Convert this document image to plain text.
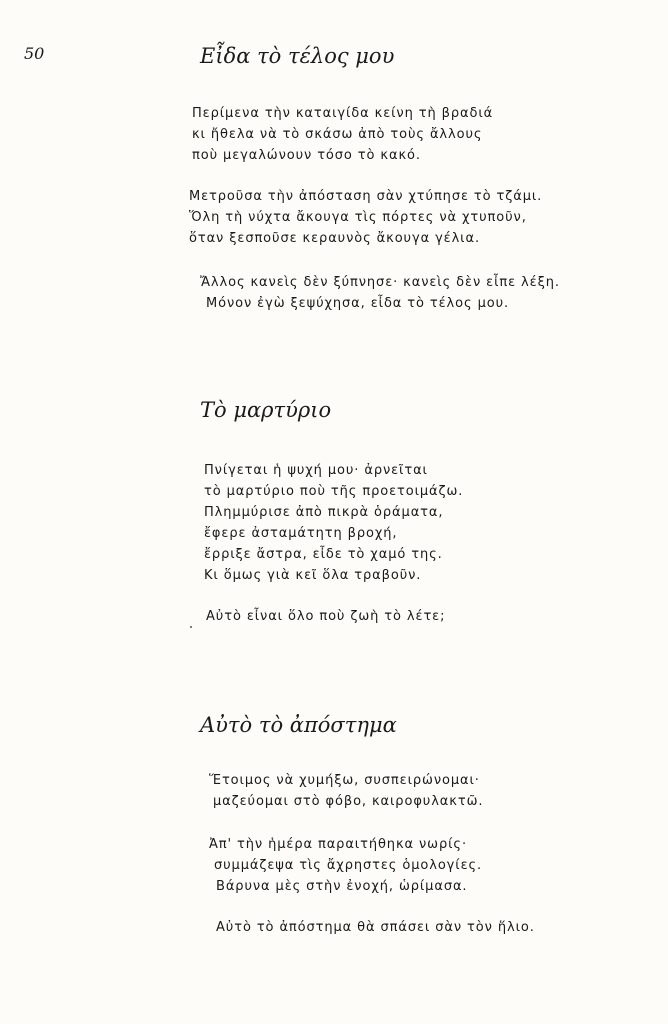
50	Εἶδα τὸ τέλος μου
Περίμενα τὴν καταιγίδα κείνη τὴ βραδιά
κι ἤθελα νὰ τὸ σκάσω ἀπὸ τοὺς ἄλλους
ποὺ μεγαλώνουν τόσο τὸ κακό.
Μετροῦσα τὴν ἀπόσταση σὰν χτύπησε τὸ τζάμι.
Ὅλη τὴ νύχτα ἄκουγα τὶς πόρτες νὰ χτυποῦν,
ὅταν ξεσποῦσε κεραυνὸς ἄκουγα γέλια.
Ἄλλος κανεὶς δὲν ξύπνησε· κανεὶς δὲν εἶπε λέξη.
Μόνον ἐγὼ ξεψύχησα, εἶδα τὸ τέλος μου.
Τὸ μαρτύριο
Πνίγεται ἡ ψυχή μου· ἀρνεῖται
τὸ μαρτύριο ποὺ τῆς προετοιμάζω.
Πλημμύρισε ἀπὸ πικρὰ ὁράματα,
ἔφερε ἀσταμάτητη βροχή,
ἔρριξε ἄστρα, εἶδε τὸ χαμό της.
Κι ὅμως γιὰ κεῖ ὅλα τραβοῦν.
Αὐτὸ εἶναι ὅλο ποὺ ζωὴ τὸ λέτε;
Αὐτὸ τὸ ἀπόστημα
Ἕτοιμος νὰ χυμήξω, συσπειρώνομαι·
μαζεύομαι στὸ φόβο, καιροφυλακτῶ.
Ἀπ' τὴν ἡμέρα παραιτήθηκα νωρίς·
συμμάζεψα τὶς ἄχρηστες ὁμολογίες.
Βάρυνα μὲς στὴν ἐνοχή, ὡρίμασα.
Αὐτὸ τὸ ἀπόστημα θὰ σπάσει σὰν τὸν ἥλιο.
